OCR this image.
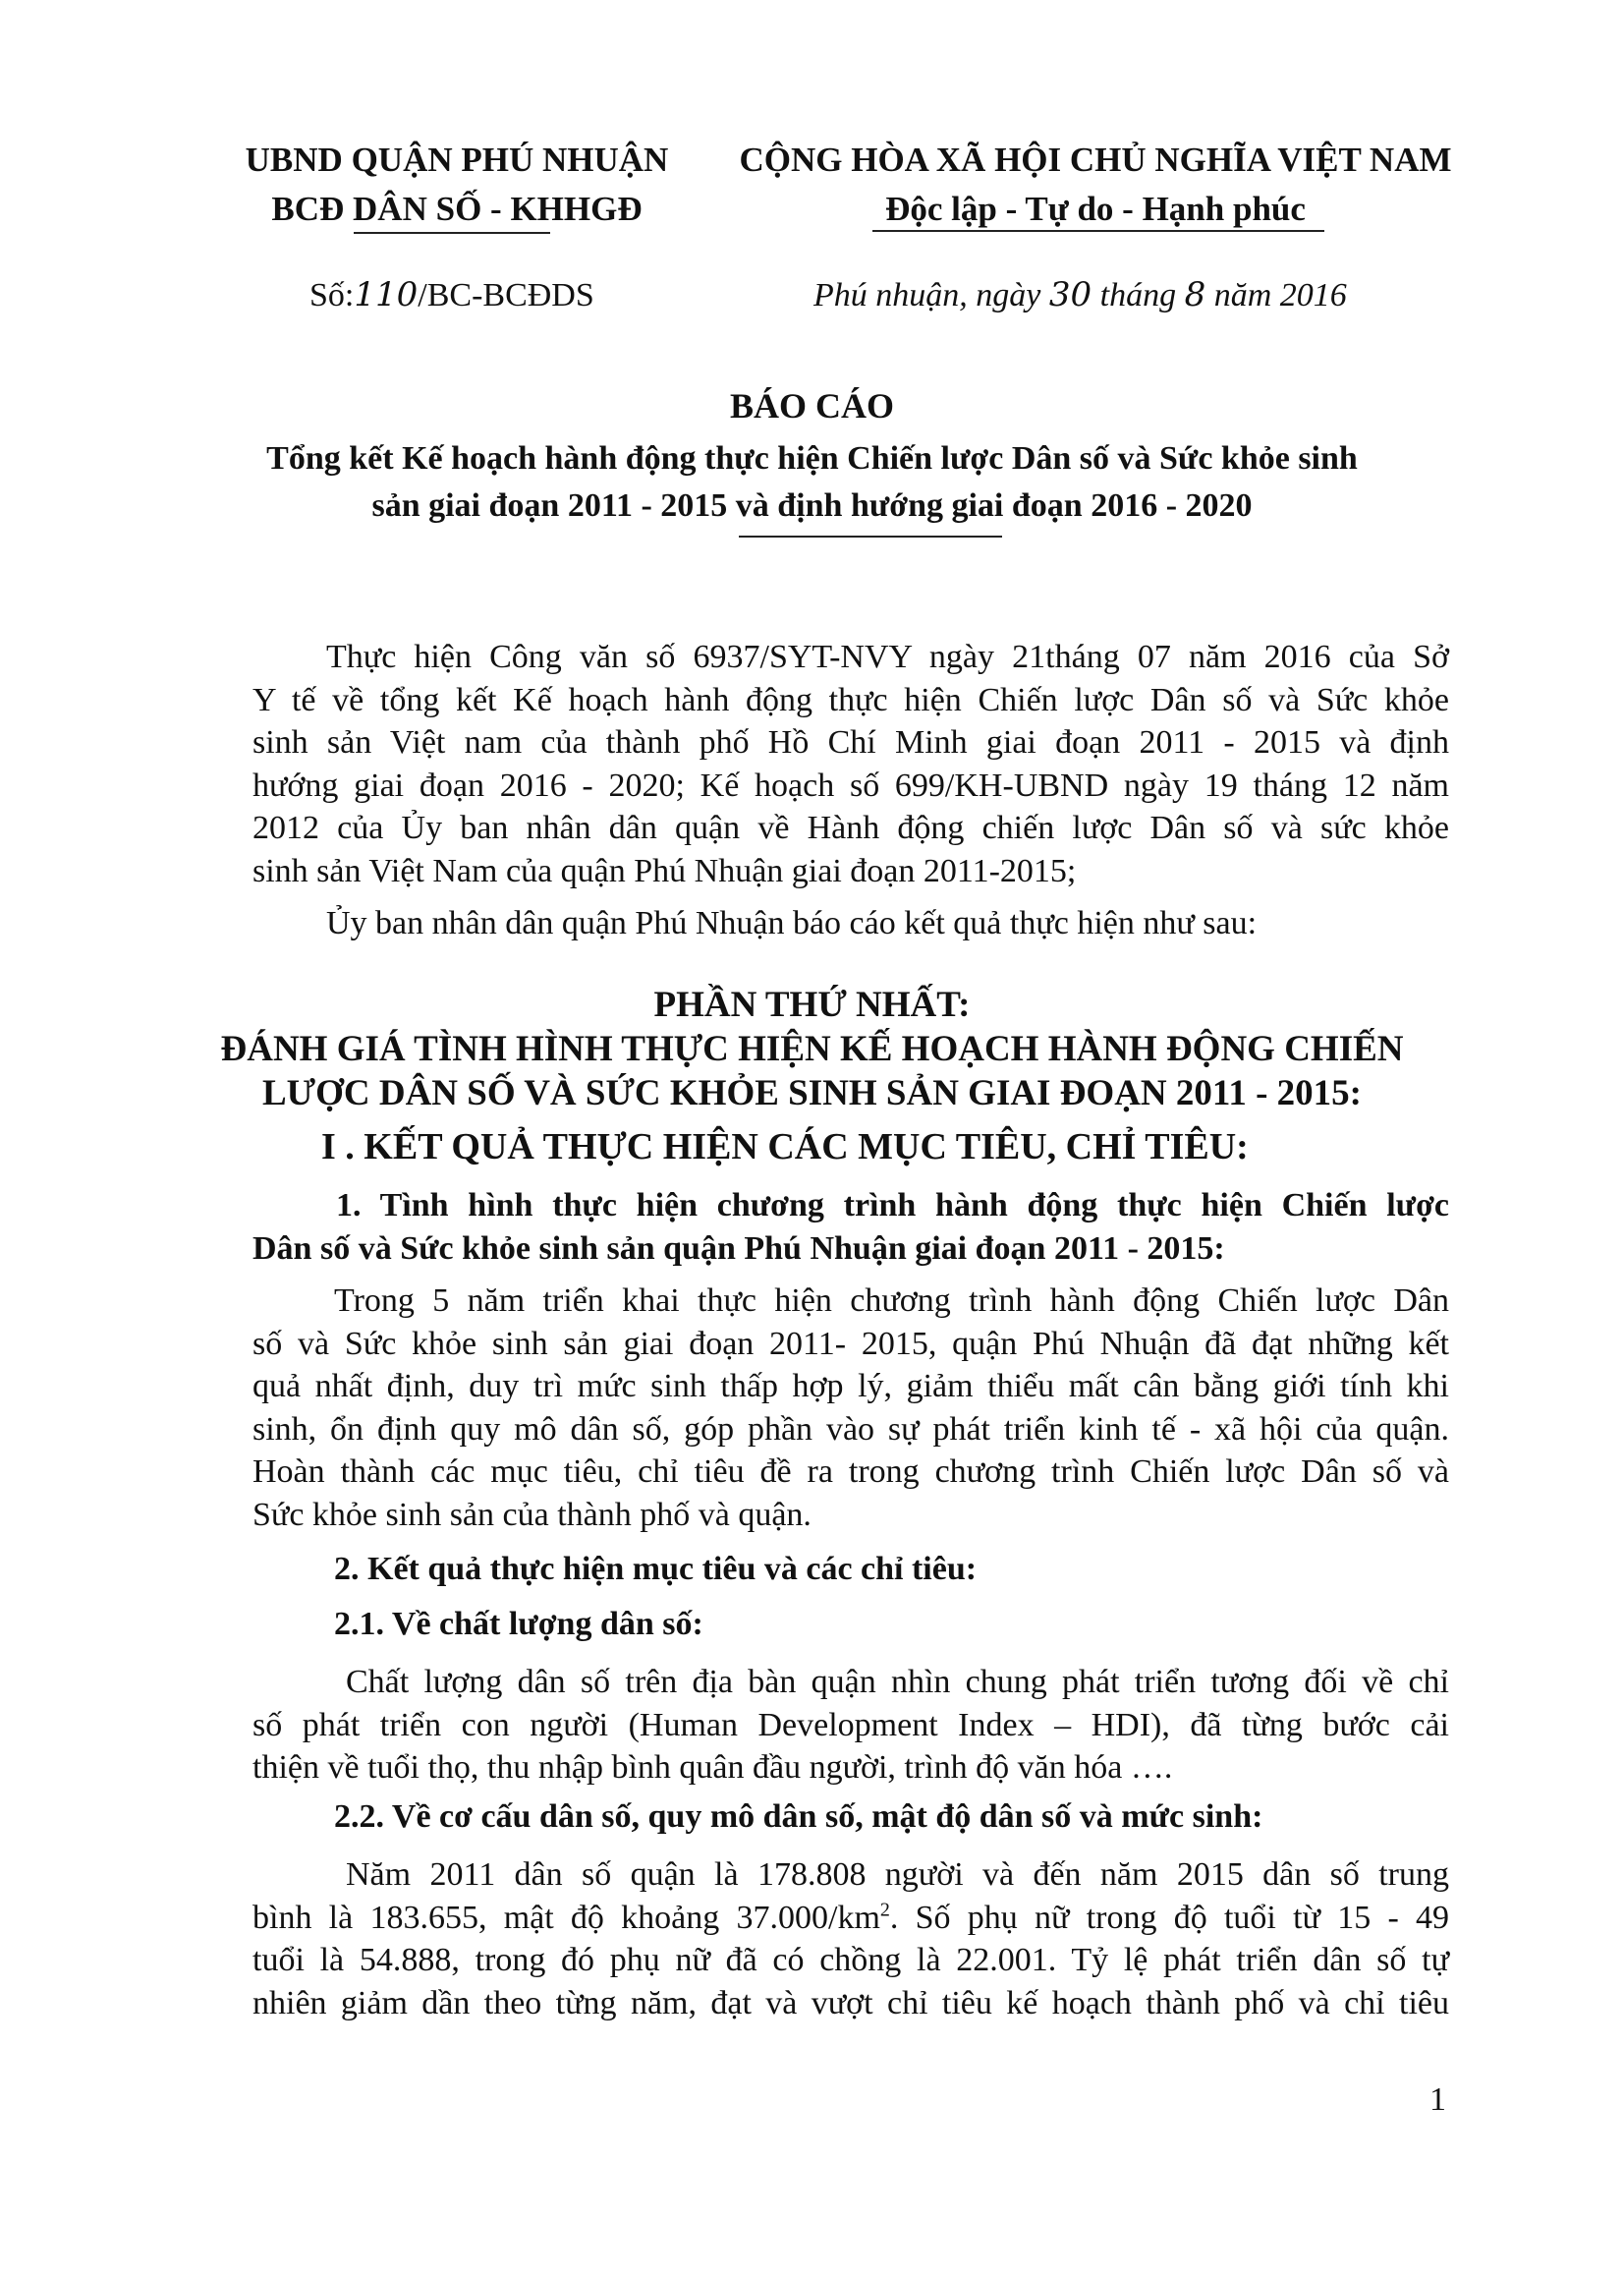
UBND QUẬN PHÚ NHUẬN
BCĐ DÂN SỐ - KHHGĐ
CỘNG HÒA XÃ HỘI CHỦ NGHĨA VIỆT NAM
Độc lập - Tự do - Hạnh phúc
Số:110/BC-BCĐDS	Phú nhuận, ngày 30 tháng 8 năm 2016
BÁO CÁO
Tổng kết Kế hoạch hành động thực hiện Chiến lược Dân số và Sức khỏe sinh
sản giai đoạn 2011 - 2015 và định hướng giai đoạn 2016 - 2020
Thực hiện Công văn số 6937/SYT-NVY ngày 21tháng 07 năm 2016 của Sở
Y tế về tổng kết Kế hoạch hành động thực hiện Chiến lược Dân số và Sức khỏe
sinh sản Việt nam của thành phố Hồ Chí Minh giai đoạn 2011 - 2015 và định
hướng giai đoạn 2016 - 2020; Kế hoạch số 699/KH-UBND ngày 19 tháng 12 năm
2012 của Ủy ban nhân dân quận về Hành động chiến lược Dân số và sức khỏe
sinh sản Việt Nam của quận Phú Nhuận giai đoạn 2011-2015;
Ủy ban nhân dân quận Phú Nhuận báo cáo kết quả thực hiện như sau:
PHẦN THỨ NHẤT:
ĐÁNH GIÁ TÌNH HÌNH THỰC HIỆN KẾ HOẠCH HÀNH ĐỘNG CHIẾN
LƯỢC DÂN SỐ VÀ SỨC KHỎE SINH SẢN GIAI ĐOẠN 2011 - 2015:
I . KẾT QUẢ THỰC HIỆN CÁC MỤC TIÊU, CHỈ TIÊU:
1. Tình hình thực hiện chương trình hành động thực hiện Chiến lược
Dân số và Sức khỏe sinh sản quận Phú Nhuận giai đoạn 2011 - 2015:
Trong 5 năm triển khai thực hiện chương trình hành động Chiến lược Dân
số và Sức khỏe sinh sản giai đoạn 2011- 2015, quận Phú Nhuận đã đạt những kết
quả nhất định, duy trì mức sinh thấp hợp lý, giảm thiểu mất cân bằng giới tính khi
sinh, ổn định quy mô dân số, góp phần vào sự phát triển kinh tế - xã hội của quận.
Hoàn thành các mục tiêu, chỉ tiêu đề ra trong chương trình Chiến lược Dân số và
Sức khỏe sinh sản của thành phố và quận.
2. Kết quả thực hiện mục tiêu và các chỉ tiêu:
2.1. Về chất lượng dân số:
Chất lượng dân số trên địa bàn quận nhìn chung phát triển tương đối về chỉ
số phát triển con người (Human Development Index – HDI), đã từng bước cải
thiện về tuổi thọ, thu nhập bình quân đầu người, trình độ văn hóa ….
2.2. Về cơ cấu dân số, quy mô dân số, mật độ dân số và mức sinh:
Năm 2011 dân số quận là 178.808 người và đến năm 2015 dân số trung
bình là 183.655, mật độ khoảng $37.000/km^2$. Số phụ nữ trong độ tuổi từ 15 - 49
tuổi là 54.888, trong đó phụ nữ đã có chồng là 22.001. Tỷ lệ phát triển dân số tự
nhiên giảm dần theo từng năm, đạt và vượt chỉ tiêu kế hoạch thành phố và chỉ tiêu
1
